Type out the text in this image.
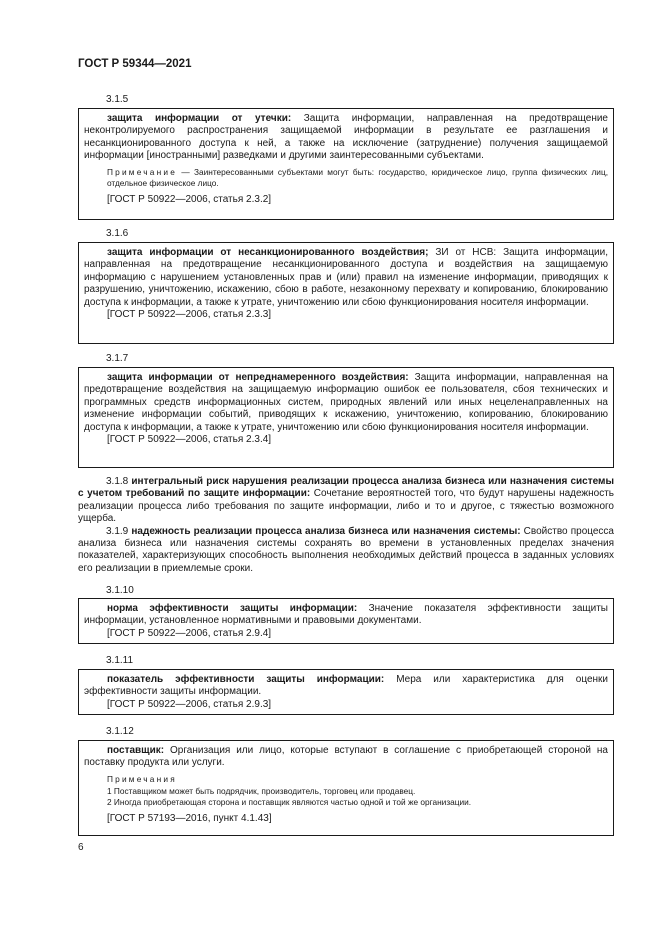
ГОСТ Р 59344—2021
3.1.5

защита информации от утечки: Защита информации, направленная на предотвращение неконтролируемого распространения защищаемой информации в результате ее разглашения и несанкционированного доступа к ней, а также на исключение (затруднение) получения защищаемой информации [иностранными] разведками и другими заинтересованными субъектами.

Примечание — Заинтересованными субъектами могут быть: государство, юридическое лицо, группа физических лиц, отдельное физическое лицо.
[ГОСТ Р 50922—2006, статья 2.3.2]
3.1.6

защита информации от несанкционированного воздействия; ЗИ от НСВ: Защита информации, направленная на предотвращение несанкционированного доступа и воздействия на защищаемую информацию с нарушением установленных прав и (или) правил на изменение информации, приводящих к разрушению, уничтожению, искажению, сбою в работе, незаконному перехвату и копированию, блокированию доступа к информации, а также к утрате, уничтожению или сбою функционирования носителя информации.

[ГОСТ Р 50922—2006, статья 2.3.3]
3.1.7

защита информации от непреднамеренного воздействия: Защита информации, направленная на предотвращение воздействия на защищаемую информацию ошибок ее пользователя, сбоя технических и программных средств информационных систем, природных явлений или иных нецеленаправленных на изменение информации событий, приводящих к искажению, уничтожению, копированию, блокированию доступа к информации, а также к утрате, уничтожению или сбою функционирования носителя информации.

[ГОСТ Р 50922—2006, статья 2.3.4]

3.1.8 интегральный риск нарушения реализации процесса анализа бизнеса или назначения системы с учетом требований по защите информации: Сочетание вероятностей того, что будут нарушены надежность реализации процесса либо требования по защите информации, либо и то и другое, с тяжестью возможного ущерба.

3.1.9 надежность реализации процесса анализа бизнеса или назначения системы: Свойство процесса анализа бизнеса или назначения системы сохранять во времени в установленных пределах значения показателей, характеризующих способность выполнения необходимых действий процесса в заданных условиях его реализации в приемлемые сроки.

3.1.10

норма эффективности защиты информации: Значение показателя эффективности защиты информации, установленное нормативными и правовыми документами.

[ГОСТ Р 50922—2006, статья 2.9.4]
3.1.11

показатель эффективности защиты информации: Мера или характеристика для оценки эффективности защиты информации.

[ГОСТ Р 50922—2006, статья 2.9.3]
3.1.12

поставщик: Организация или лицо, которые вступают в соглашение с приобретающей стороной на поставку продукта или услуги.

Примечания
1 Поставщиком может быть подрядчик, производитель, торговец или продавец.
2 Иногда приобретающая сторона и поставщик являются частью одной и той же организации.
[ГОСТ Р 57193—2016, пункт 4.1.43]
6
